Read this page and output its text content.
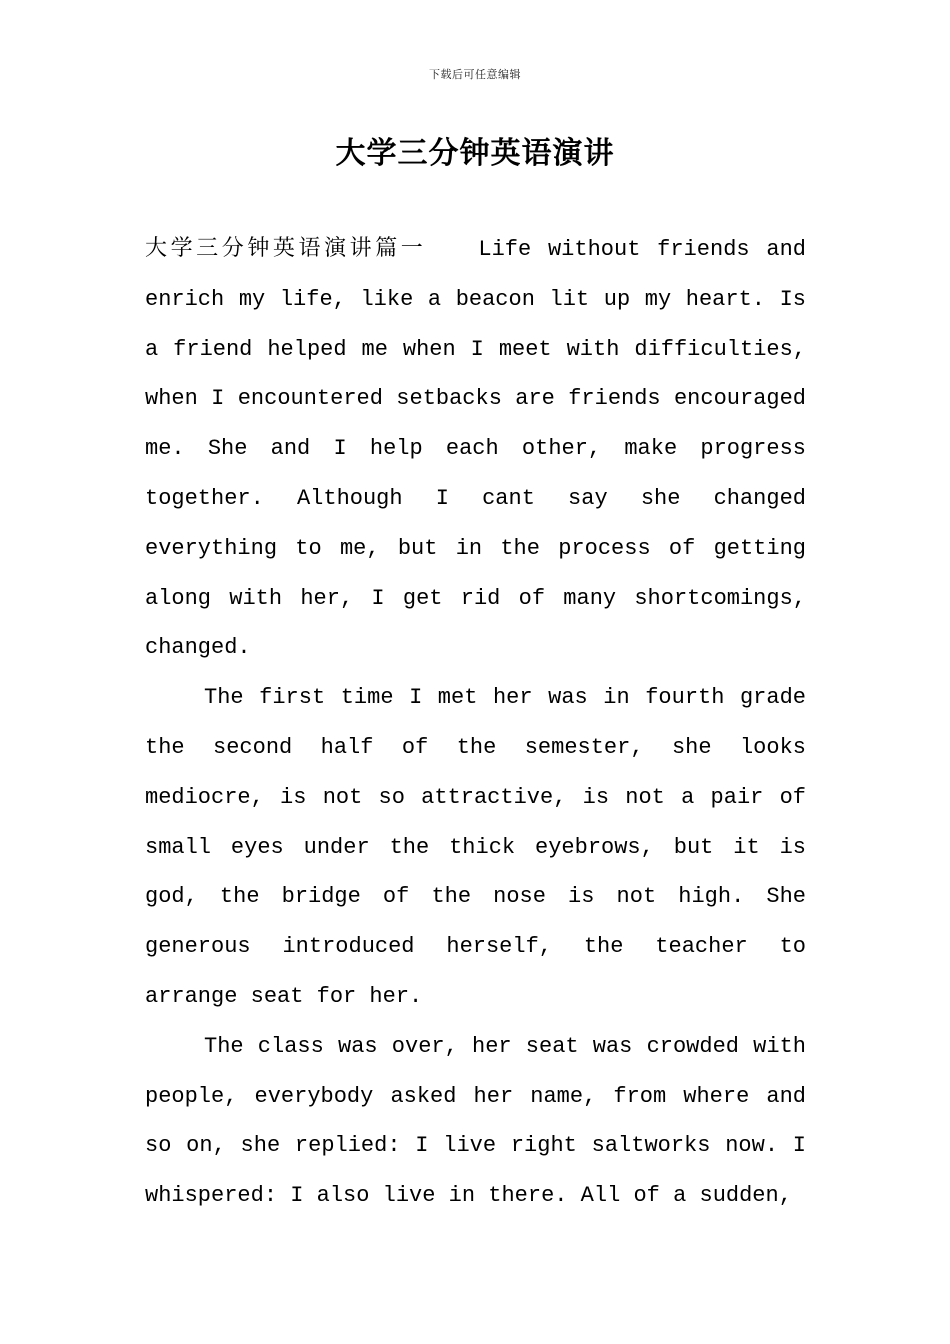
下载后可任意编辑
大学三分钟英语演讲

大学三分钟英语演讲篇一 Life without friends and enrich my life, like a beacon lit up my heart. Is a friend helped me when I meet with difficulties, when I encountered setbacks are friends encouraged me. She and I help each other, make progress together. Although I cant say she changed everything to me, but in the process of getting along with her, I get rid of many shortcomings, changed.

The first time I met her was in fourth grade the second half of the semester, she looks mediocre, is not so attractive, is not a pair of small eyes under the thick eyebrows, but it is god, the bridge of the nose is not high. She generous introduced herself, the teacher to arrange seat for her.

The class was over, her seat was crowded with people, everybody asked her name, from where and so on, she replied: I live right saltworks now. I whispered: I also live in there. All of a sudden,
